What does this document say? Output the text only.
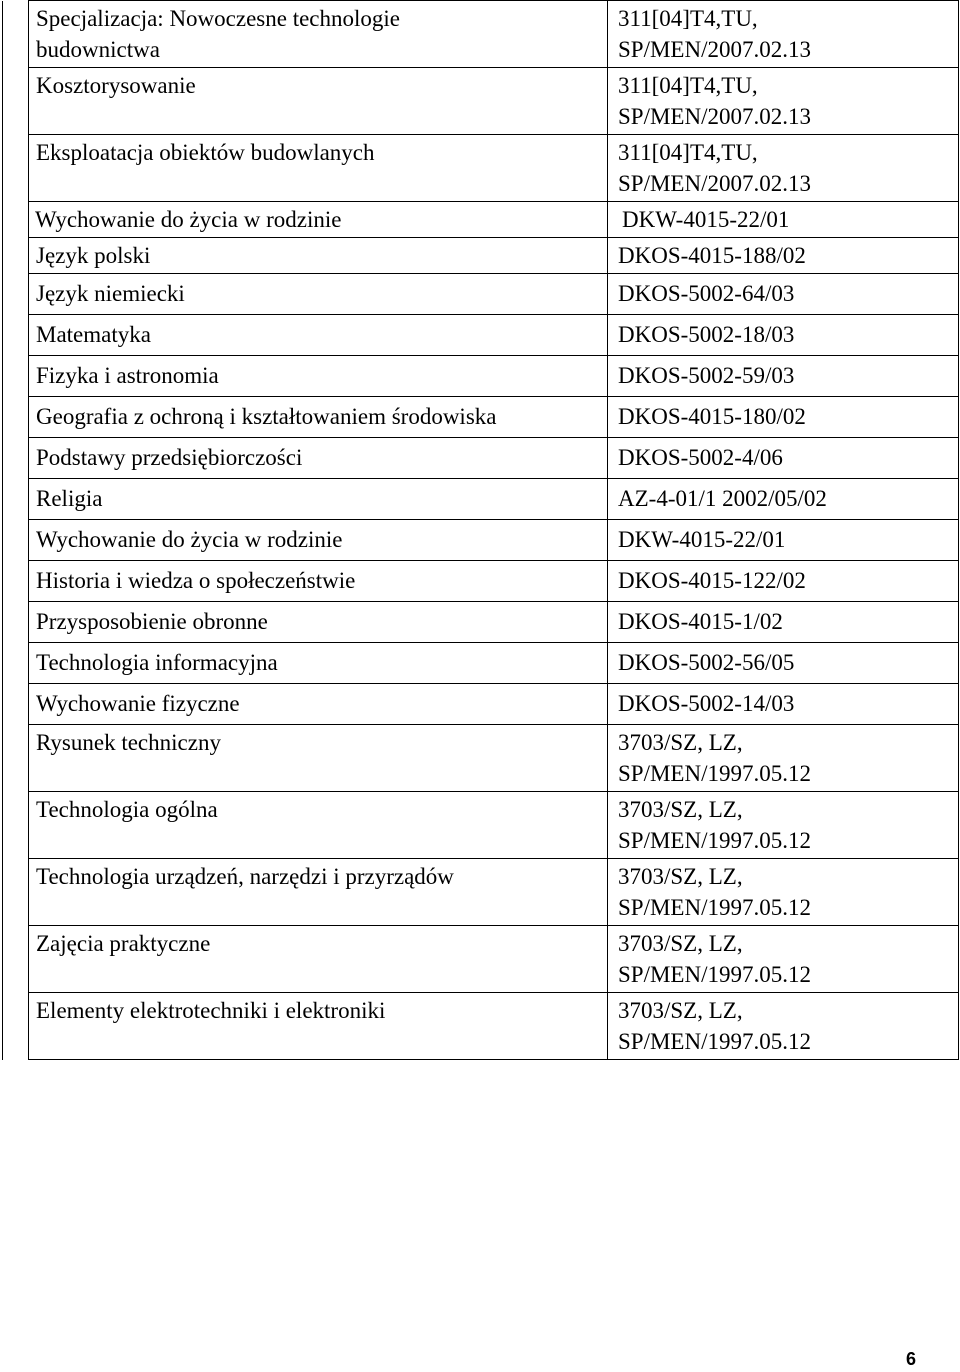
	Specjalizacja: Nowoczesne technologie
budownictwa	311[04]T4,TU,
SP/MEN/2007.02.13
	Kosztorysowanie	311[04]T4,TU,
SP/MEN/2007.02.13
	Eksploatacja obiektów budowlanych	311[04]T4,TU,
SP/MEN/2007.02.13
	Wychowanie do życia w rodzinie	DKW-4015-22/01
	Język polski	DKOS-4015-188/02
	Język niemiecki	DKOS-5002-64/03
	Matematyka	DKOS-5002-18/03
	Fizyka i astronomia	DKOS-5002-59/03
	Geografia z ochroną i kształtowaniem środowiska	DKOS-4015-180/02
	Podstawy przedsiębiorczości	DKOS-5002-4/06
	Religia	AZ-4-01/1 2002/05/02
	Wychowanie do życia w rodzinie	DKW-4015-22/01
	Historia i wiedza o społeczeństwie	DKOS-4015-122/02
	Przysposobienie obronne	DKOS-4015-1/02
	Technologia informacyjna	DKOS-5002-56/05
	Wychowanie fizyczne	DKOS-5002-14/03
	Rysunek techniczny	3703/SZ, LZ,
SP/MEN/1997.05.12
	Technologia ogólna	3703/SZ, LZ,
SP/MEN/1997.05.12
	Technologia urządzeń, narzędzi i przyrządów	3703/SZ, LZ,
SP/MEN/1997.05.12
	Zajęcia praktyczne	3703/SZ, LZ,
SP/MEN/1997.05.12
	Elementy elektrotechniki i elektroniki	3703/SZ, LZ,
SP/MEN/1997.05.12
6
